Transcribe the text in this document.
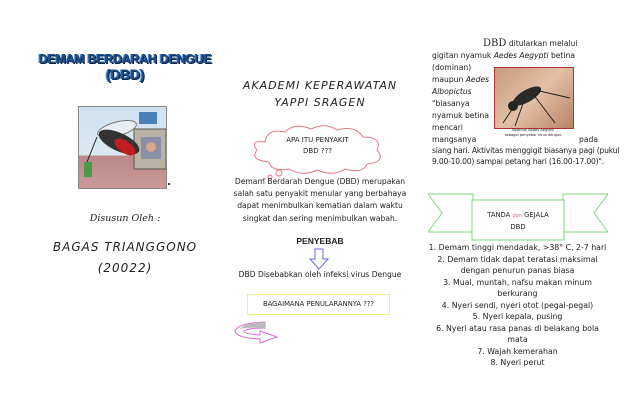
DEMAM BERDARAH DENGUE
(DBD)
Disusun Oleh :
BAGAS TRIANGGONO
(20022)
AKADEMI KEPERAWATAN
YAPPI SRAGEN
APA ITU PENYAKIT
DBD ???

Demam Berdarah Dengue (DBD) merupakan salah satu penyakit menular yang berbahaya dapat menimbulkan kematian dalam waktu singkat dan sering menimbulkan wabah.

PENYEBAB
DBD Disebabkan oleh infeksi virus Dengue
BAGAIMANA PENULARANNYA ???
DBD ditularkan melalui
gigitan nyamuk Aedes Aegypti betina
(dominan)
maupun Aedes
Albopictus
"biasanya
nyamuk betina
mencari
mangsanya	pada

siang hari. Aktivitas menggigit biasanya pagi (pukul 9.00-10.00) sampai petang hari (16.00-17.00)".

Nyamuk Aedes Aegypti
sebagai penyebar virus dengue
TANDA dan GEJALA
DBD
1. Demam tinggi mendadak, >38° C, 2-7 hari
2. Demam tidak dapat teratasi maksimal dengan penurun panas biasa
3. Mual, muntah, nafsu makan minum berkurang
4. Nyeri sendi, nyeri otot (pegal-pegal)
5. Nyeri kepala, pusing
6. Nyeri atau rasa panas di belakang bola mata
7. Wajah kemerahan
8. Nyeri perut
